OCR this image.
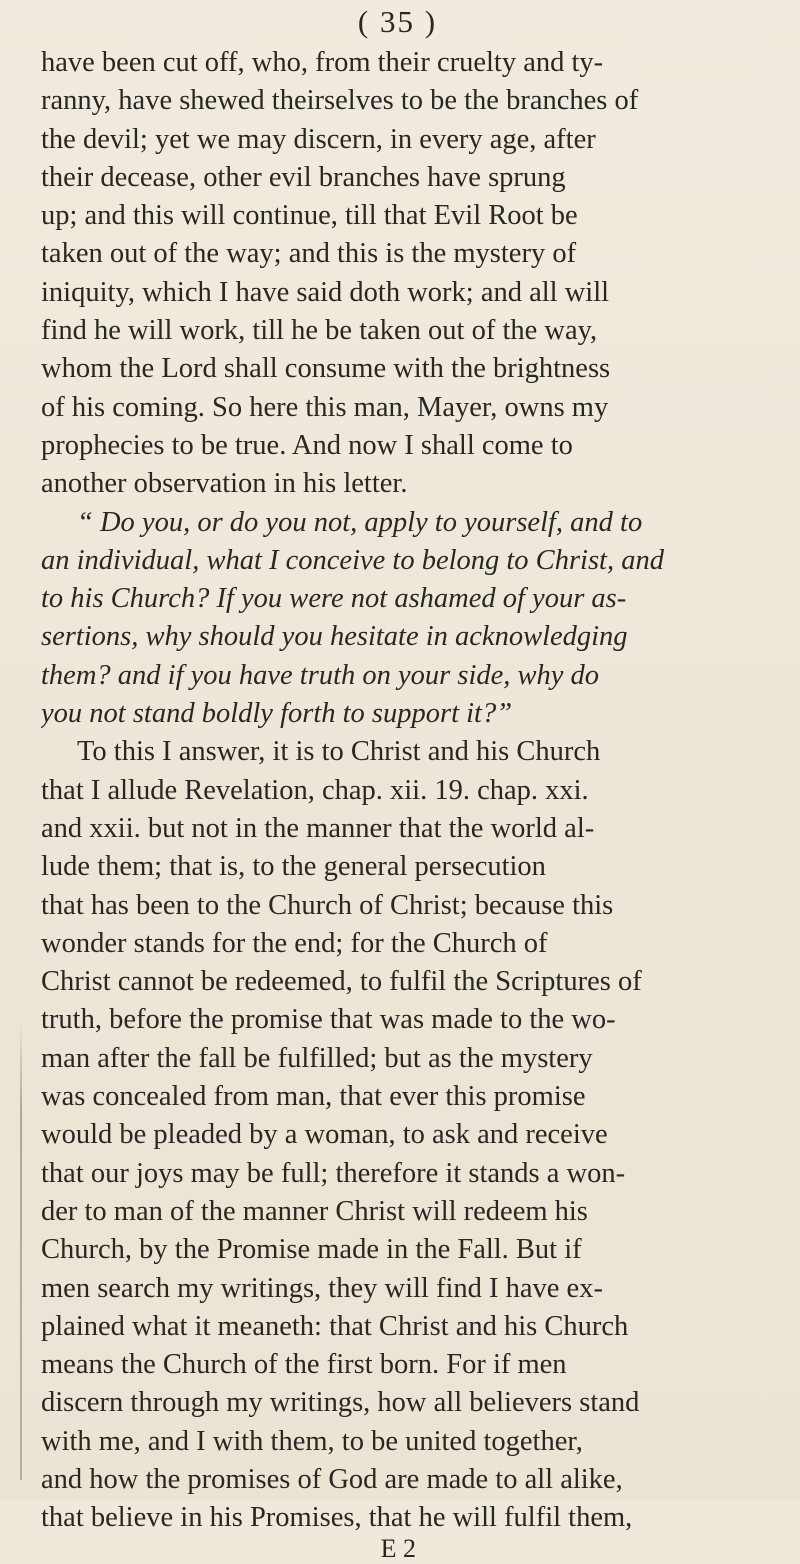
( 35 )

have been cut off, who, from their cruelty and ty-
ranny, have shewed theirselves to be the branches of
the devil; yet we may discern, in every age, after
their decease, other evil branches have sprung
up; and this will continue, till that Evil Root be
taken out of the way; and this is the mystery of
iniquity, which I have said doth work; and all will
find he will work, till he be taken out of the way,
whom the Lord shall consume with the brightness
of his coming. So here this man, Mayer, owns my
prophecies to be true. And now I shall come to
another observation in his letter.

“ Do you, or do you not, apply to yourself, and to
an individual, what I conceive to belong to Christ, and
to his Church? If you were not ashamed of your as-
sertions, why should you hesitate in acknowledging
them? and if you have truth on your side, why do
you not stand boldly forth to support it?”

To this I answer, it is to Christ and his Church
that I allude Revelation, chap. xii. 19. chap. xxi.
and xxii. but not in the manner that the world al-
lude them; that is, to the general persecution
that has been to the Church of Christ; because this
wonder stands for the end; for the Church of
Christ cannot be redeemed, to fulfil the Scriptures of
truth, before the promise that was made to the wo-
man after the fall be fulfilled; but as the mystery
was concealed from man, that ever this promise
would be pleaded by a woman, to ask and receive
that our joys may be full; therefore it stands a won-
der to man of the manner Christ will redeem his
Church, by the Promise made in the Fall. But if
men search my writings, they will find I have ex-
plained what it meaneth: that Christ and his Church
means the Church of the first born. For if men
discern through my writings, how all believers stand
with me, and I with them, to be united together,
and how the promises of God are made to all alike,
that believe in his Promises, that he will fulfil them,

E 2
